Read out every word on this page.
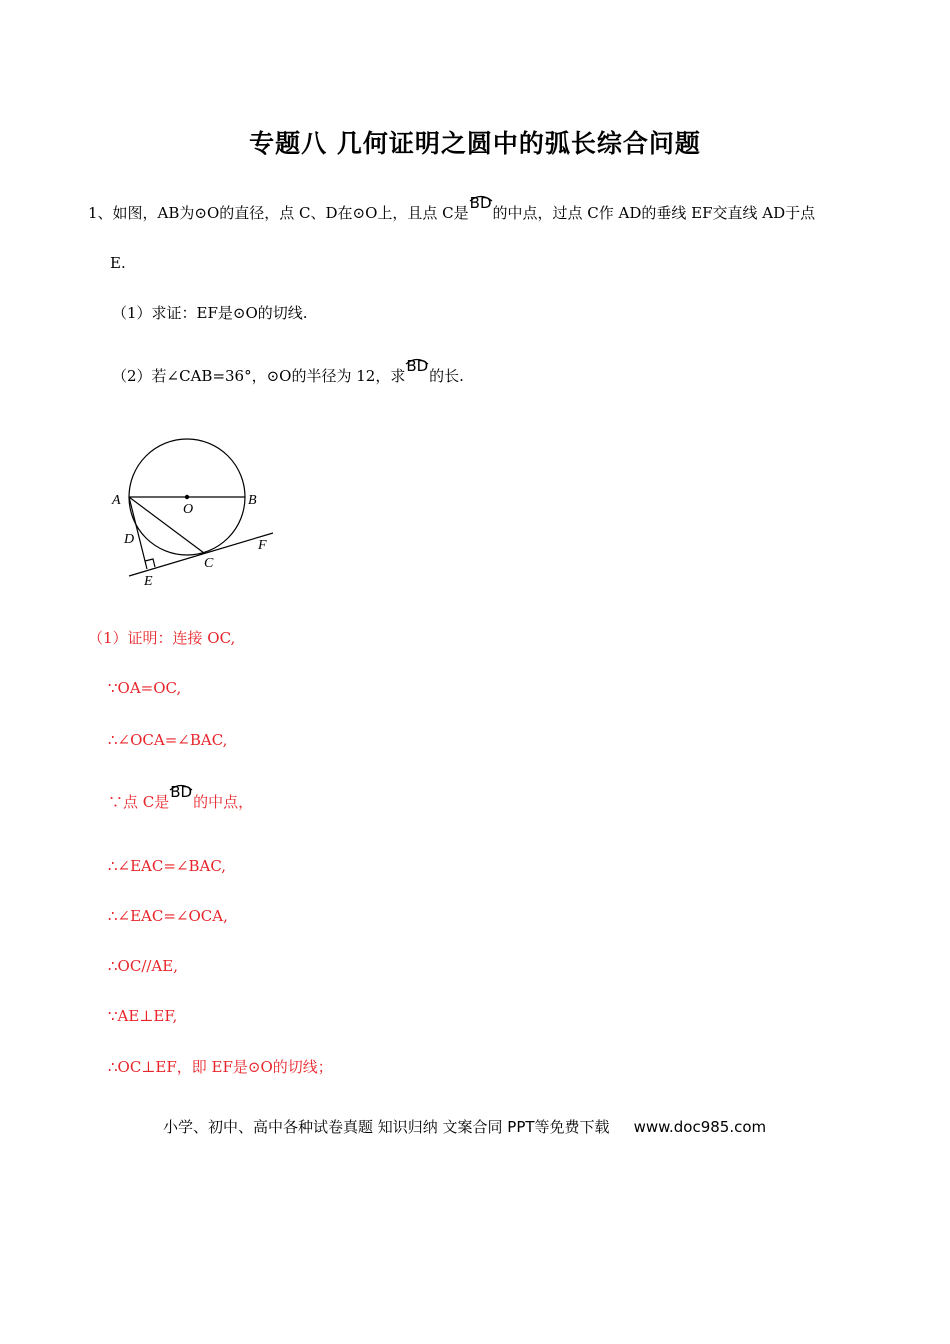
专题八 几何证明之圆中的弧长综合问题
1、如图，AB为⊙O的直径，点 C、D在⊙O上，且点 C是
BD的中点，过点 C作 AD的垂线 EF交直线 AD于点
E.
（1）求证：EF是⊙O的切线.
（2）若∠CAB=36°，⊙O的半径为 12，求
BD的长.
A	B
O
D
C
E
F
（1）证明：连接 OC,
∵OA=OC,
∴∠OCA=∠BAC,
∵点 C是
BD的中点，
∴∠EAC=∠BAC,
∴∠EAC=∠OCA,
∴OC//AE,
∵AE⊥EF,
∴OC⊥EF，即 EF是⊙O的切线；
小学、初中、高中各种试卷真题 知识归纳 文案合同 PPT等免费下载 www.doc985.com
